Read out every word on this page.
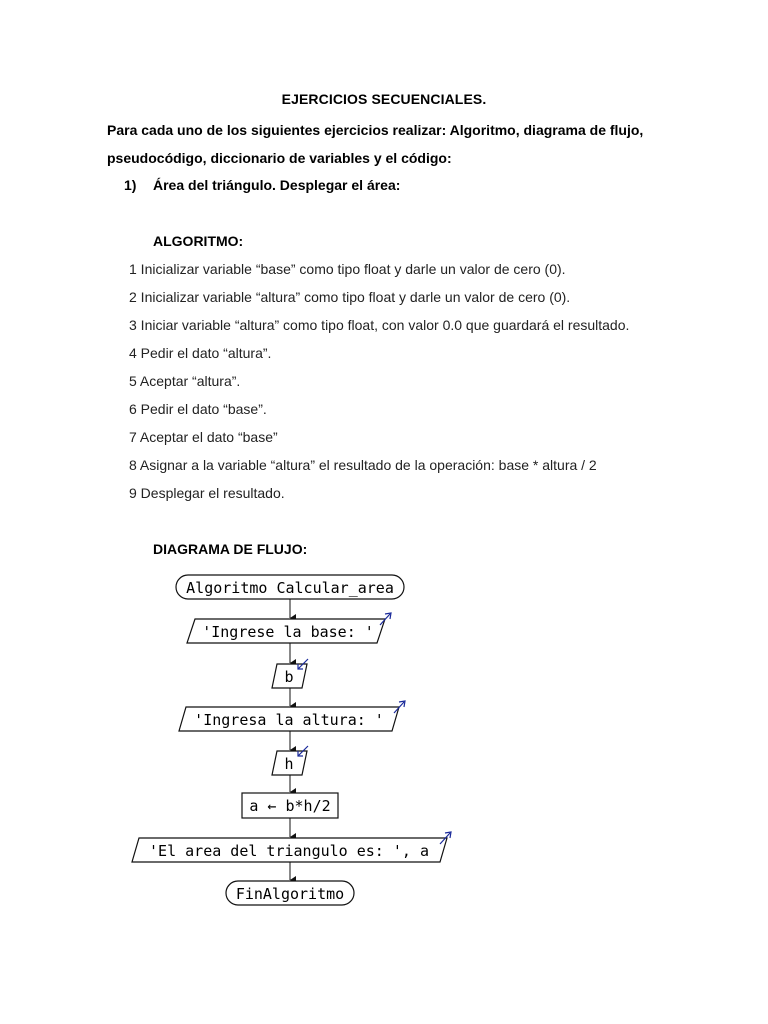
EJERCICIOS SECUENCIALES.
Para cada uno de los siguientes ejercicios realizar: Algoritmo, diagrama de flujo,
pseudocódigo, diccionario de variables y el código:
1) Área del triángulo. Desplegar el área:
ALGORITMO:
1 Inicializar variable “base” como tipo float y darle un valor de cero (0).
2 Inicializar variable “altura” como tipo float y darle un valor de cero (0).
3 Iniciar variable “altura” como tipo float, con valor 0.0 que guardará el resultado.
4 Pedir el dato “altura”.
5 Aceptar “altura”.
6 Pedir el dato “base”.
7 Aceptar el dato “base”
8 Asignar a la variable “altura” el resultado de la operación: base * altura / 2
9 Desplegar el resultado.
DIAGRAMA DE FLUJO:
Algoritmo Calcular_area
'Ingrese la base: '
b
'Ingresa la altura: '
h
a ← b*h/2
'El area del triangulo es: ', a
FinAlgoritmo
